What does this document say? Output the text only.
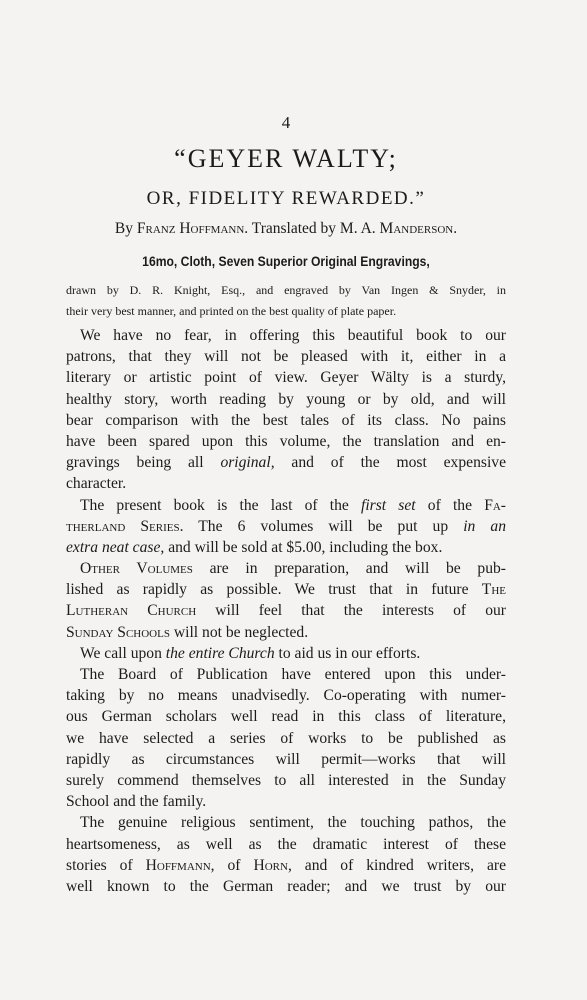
4
“GEYER WALTY;
OR, FIDELITY REWARDED.”
By Franz Hoffmann. Translated by M. A. Manderson.
16mo, Cloth, Seven Superior Original Engravings,
drawn by D. R. Knight, Esq., and engraved by Van Ingen & Snyder, in
their very best manner, and printed on the best quality of plate paper.
We have no fear, in offering this beautiful book to our
patrons, that they will not be pleased with it, either in a
literary or artistic point of view. Geyer Wälty is a sturdy,
healthy story, worth reading by young or by old, and will
bear comparison with the best tales of its class. No pains
have been spared upon this volume, the translation and en-
gravings being all original, and of the most expensive
character.
The present book is the last of the first set of the Fa-
therland Series. The 6 volumes will be put up in an
extra neat case, and will be sold at $5.00, including the box.
Other Volumes are in preparation, and will be pub-
lished as rapidly as possible. We trust that in future The
Lutheran Church will feel that the interests of our
Sunday Schools will not be neglected.
We call upon the entire Church to aid us in our efforts.
The Board of Publication have entered upon this under-
taking by no means unadvisedly. Co-operating with numer-
ous German scholars well read in this class of literature,
we have selected a series of works to be published as
rapidly as circumstances will permit—works that will
surely commend themselves to all interested in the Sunday
School and the family.
The genuine religious sentiment, the touching pathos, the
heartsomeness, as well as the dramatic interest of these
stories of Hoffmann, of Horn, and of kindred writers, are
well known to the German reader; and we trust by our
